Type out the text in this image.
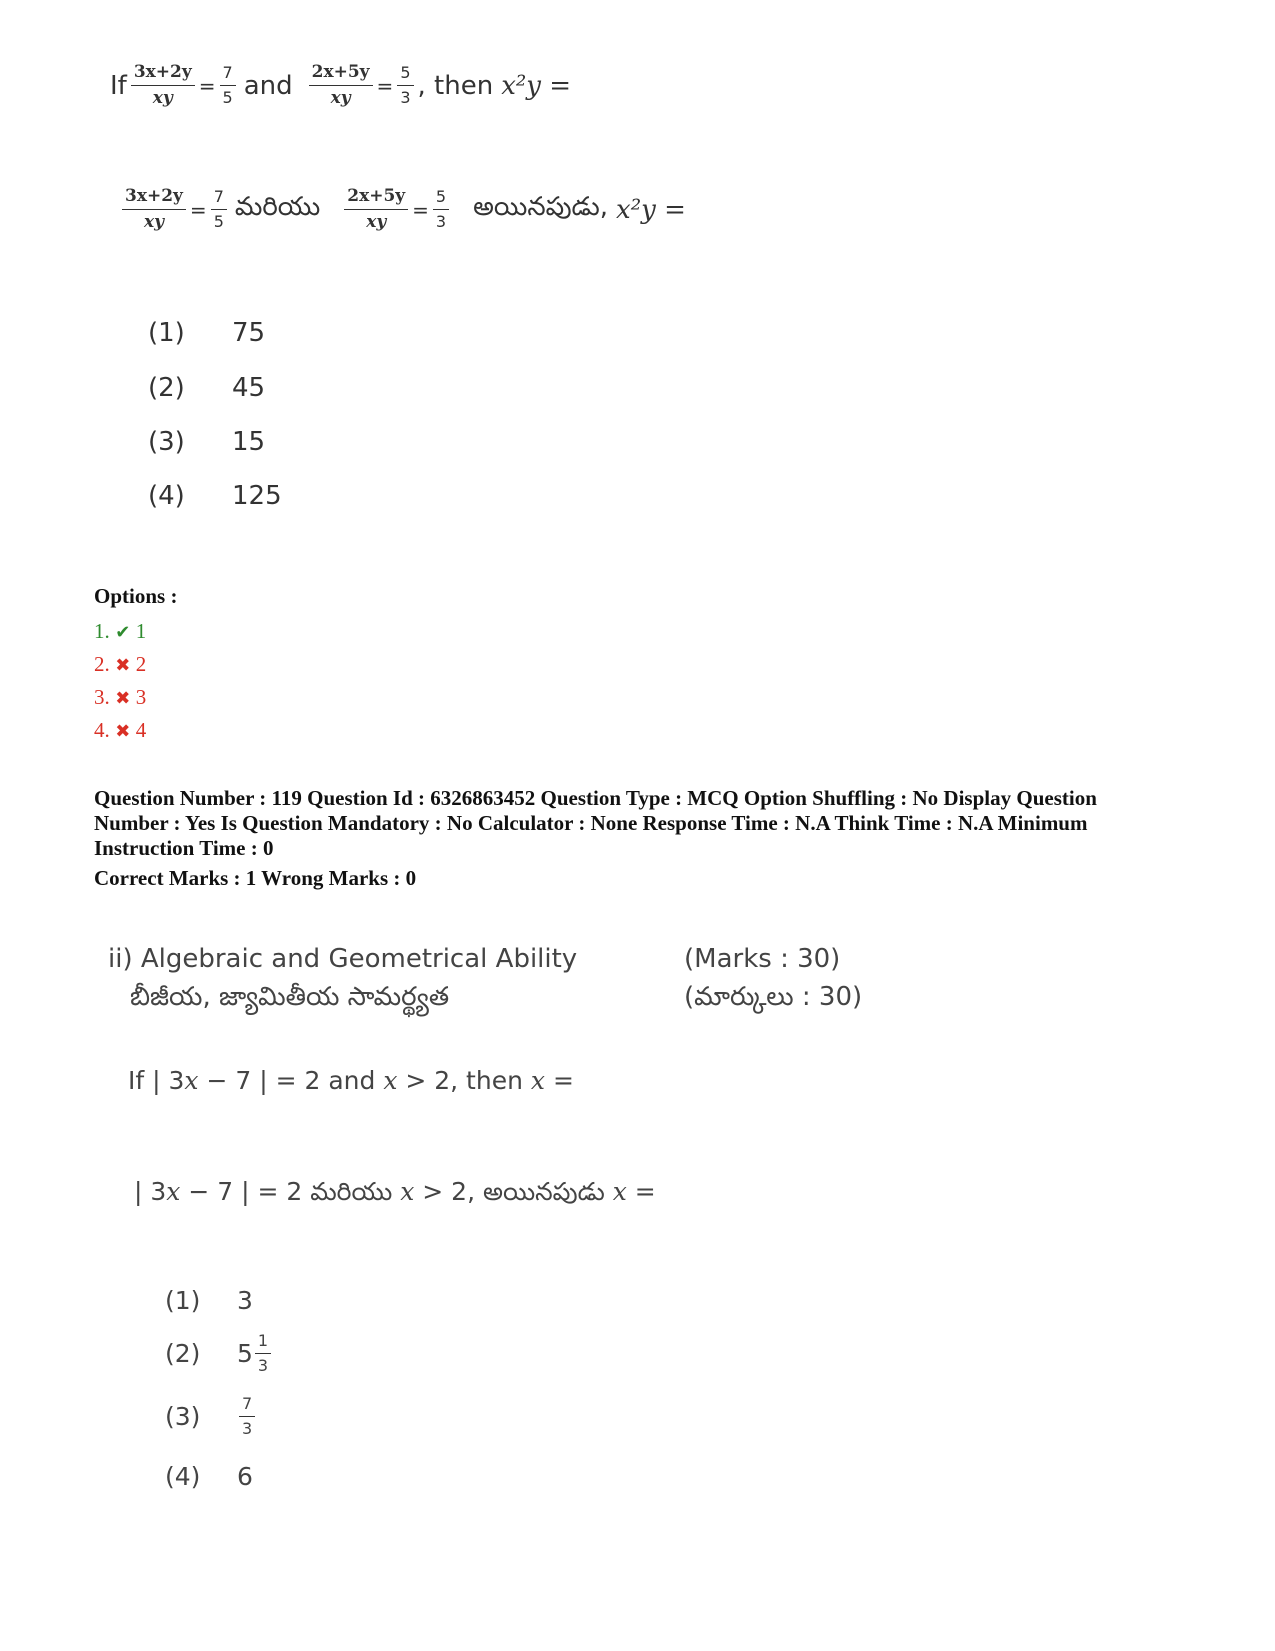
If $\frac{3x+2y}{xy} = \frac{7}{5}$ and $\frac{2x+5y}{xy} = \frac{5}{3}$ , then x²y =
$\frac{3x+2y}{xy} = \frac{7}{5}$ మరియు $\frac{2x+5y}{xy} = \frac{5}{3}$ అయినపుడు, x²y =
(1) 75
(2) 45
(3) 15
(4) 125
Options :
1. ✔ 1
2. ✖ 2
3. ✖ 3
4. ✖ 4
Question Number : 119 Question Id : 6326863452 Question Type : MCQ Option Shuffling : No Display Question
Number : Yes Is Question Mandatory : No Calculator : None Response Time : N.A Think Time : N.A Minimum
Instruction Time : 0
Correct Marks : 1 Wrong Marks : 0
ii) Algebraic and Geometrical Ability
బీజీయ, జ్యామితీయ సామర్థ్యత
(Marks : 30)
(మార్కులు : 30)
If | 3x − 7 | = 2 and x > 2, then x =
| 3x − 7 | = 2 మరియు x > 2, అయినపుడు x =
(1) 3
(2)	$5 \frac{1}{3}$
(3)	$\frac{7}{3}$
(4) 6
